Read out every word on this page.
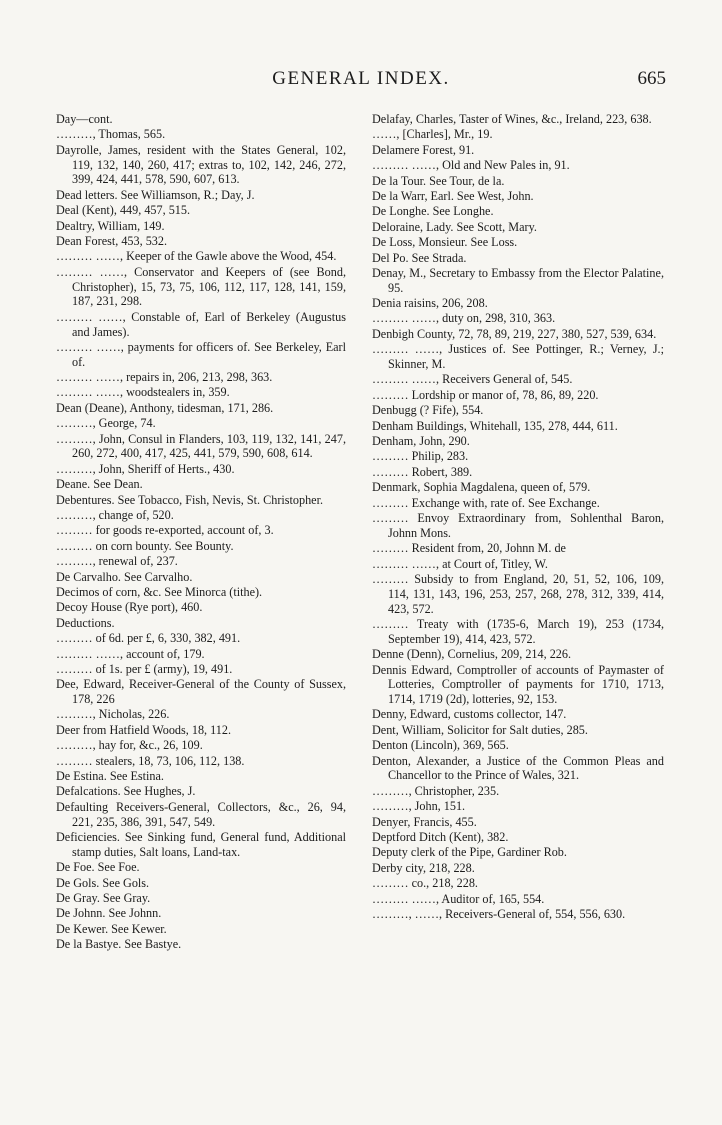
GENERAL INDEX.	665
Day—cont.
………, Thomas, 565.
Dayrolle, James, resident with the States General, 102, 119, 132, 140, 260, 417; extras to, 102, 142, 246, 272, 399, 424, 441, 578, 590, 607, 613.
Dead letters. See Williamson, R.; Day, J.
Deal (Kent), 449, 457, 515.
Dealtry, William, 149.
Dean Forest, 453, 532.
……… ……, Keeper of the Gawle above the Wood, 454.
……… ……, Conservator and Keepers of (see Bond, Christopher), 15, 73, 75, 106, 112, 117, 128, 141, 159, 187, 231, 298.
……… ……, Constable of, Earl of Berkeley (Augustus and James).
……… ……, payments for officers of. See Berkeley, Earl of.
……… ……, repairs in, 206, 213, 298, 363.
……… ……, woodstealers in, 359.
Dean (Deane), Anthony, tidesman, 171, 286.
………, George, 74.
………, John, Consul in Flanders, 103, 119, 132, 141, 247, 260, 272, 400, 417, 425, 441, 579, 590, 608, 614.
………, John, Sheriff of Herts., 430.
Deane. See Dean.
Debentures. See Tobacco, Fish, Nevis, St. Christopher.
………, change of, 520.
……… for goods re-exported, account of, 3.
……… on corn bounty. See Bounty.
………, renewal of, 237.
De Carvalho. See Carvalho.
Decimos of corn, &c. See Minorca (tithe).
Decoy House (Rye port), 460.
Deductions.
……… of 6d. per £, 6, 330, 382, 491.
……… ……, account of, 179.
……… of 1s. per £ (army), 19, 491.
Dee, Edward, Receiver-General of the County of Sussex, 178, 226
………, Nicholas, 226.
Deer from Hatfield Woods, 18, 112.
………, hay for, &c., 26, 109.
……… stealers, 18, 73, 106, 112, 138.
De Estina. See Estina.
Defalcations. See Hughes, J.
Defaulting Receivers-General, Collectors, &c., 26, 94, 221, 235, 386, 391, 547, 549.
Deficiencies. See Sinking fund, General fund, Additional stamp duties, Salt loans, Land-tax.
De Foe. See Foe.
De Gols. See Gols.
De Gray. See Gray.
De Johnn. See Johnn.
De Kewer. See Kewer.
De la Bastye. See Bastye.
Delafay, Charles, Taster of Wines, &c., Ireland, 223, 638.
……, [Charles], Mr., 19.
Delamere Forest, 91.
……… ……, Old and New Pales in, 91.
De la Tour. See Tour, de la.
De la Warr, Earl. See West, John.
De Longhe. See Longhe.
Deloraine, Lady. See Scott, Mary.
De Loss, Monsieur. See Loss.
Del Po. See Strada.
Denay, M., Secretary to Embassy from the Elector Palatine, 95.
Denia raisins, 206, 208.
……… ……, duty on, 298, 310, 363.
Denbigh County, 72, 78, 89, 219, 227, 380, 527, 539, 634.
……… ……, Justices of. See Pottinger, R.; Verney, J.; Skinner, M.
……… ……, Receivers General of, 545.
……… Lordship or manor of, 78, 86, 89, 220.
Denbugg (? Fife), 554.
Denham Buildings, Whitehall, 135, 278, 444, 611.
Denham, John, 290.
……… Philip, 283.
……… Robert, 389.
Denmark, Sophia Magdalena, queen of, 579.
……… Exchange with, rate of. See Exchange.
……… Envoy Extraordinary from, Sohlenthal Baron, Johnn Mons.
……… Resident from, 20, Johnn M. de
……… ……, at Court of, Titley, W.
……… Subsidy to from England, 20, 51, 52, 106, 109, 114, 131, 143, 196, 253, 257, 268, 278, 312, 339, 414, 423, 572.
……… Treaty with (1735-6, March 19), 253 (1734, September 19), 414, 423, 572.
Denne (Denn), Cornelius, 209, 214, 226.
Dennis Edward, Comptroller of accounts of Paymaster of Lotteries, Comptroller of payments for 1710, 1713, 1714, 1719 (2d), lotteries, 92, 153.
Denny, Edward, customs collector, 147.
Dent, William, Solicitor for Salt duties, 285.
Denton (Lincoln), 369, 565.
Denton, Alexander, a Justice of the Common Pleas and Chancellor to the Prince of Wales, 321.
………, Christopher, 235.
………, John, 151.
Denyer, Francis, 455.
Deptford Ditch (Kent), 382.
Deputy clerk of the Pipe, Gardiner Rob.
Derby city, 218, 228.
……… co., 218, 228.
……… ……, Auditor of, 165, 554.
………, ……, Receivers-General of, 554, 556, 630.
